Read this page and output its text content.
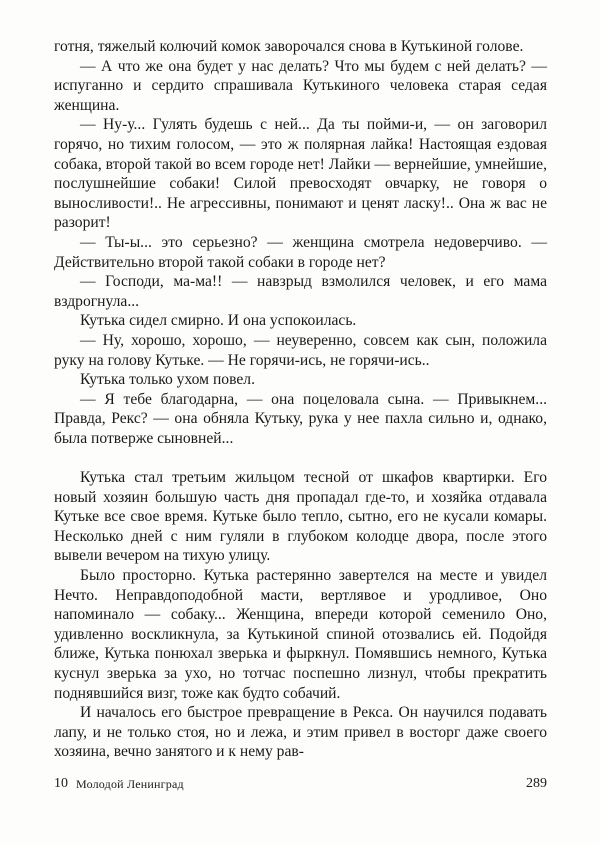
готня, тяжелый колючий комок заворочался снова в Кутькиной голове.

— А что же она будет у нас делать? Что мы будем с ней делать? — испуганно и сердито спрашивала Кутькиного человека старая седая женщина.

— Ну-у... Гулять будешь с ней... Да ты пойми-и, — он заговорил горячо, но тихим голосом, — это ж полярная лайка! Настоящая ездовая собака, второй такой во всем городе нет! Лайки — вернейшие, умнейшие, послушнейшие собаки! Силой превосходят овчарку, не говоря о выносливости!.. Не агрессивны, понимают и ценят ласку!.. Она ж вас не разорит!

— Ты-ы... это серьезно? — женщина смотрела недоверчиво. — Действительно второй такой собаки в городе нет?

— Господи, ма-ма!! — навзрыд взмолился человек, и его мама вздрогнула...

Кутька сидел смирно. И она успокоилась.

— Ну, хорошо, хорошо, — неуверенно, совсем как сын, положила руку на голову Кутьке. — Не горячи-ись, не горячи-ись..

Кутька только ухом повел.

— Я тебе благодарна, — она поцеловала сына. — Привыкнем... Правда, Рекс? — она обняла Кутьку, рука у нее пахла сильно и, однако, была потверже сыновней...

Кутька стал третьим жильцом тесной от шкафов квартирки. Его новый хозяин большую часть дня пропадал где-то, и хозяйка отдавала Кутьке все свое время. Кутьке было тепло, сытно, его не кусали комары. Несколько дней с ним гуляли в глубоком колодце двора, после этого вывели вечером на тихую улицу.

Было просторно. Кутька растерянно завертелся на месте и увидел Нечто. Неправдоподобной масти, вертлявое и уродливое, Оно напоминало — собаку... Женщина, впереди которой семенило Оно, удивленно воскликнула, за Кутькиной спиной отозвались ей. Подойдя ближе, Кутька понюхал зверька и фыркнул. Помявшись немного, Кутька куснул зверька за ухо, но тотчас поспешно лизнул, чтобы прекратить поднявшийся визг, тоже как будто собачий.

И началось его быстрое превращение в Рекса. Он научился подавать лапу, и не только стоя, но и лежа, и этим привел в восторг даже своего хозяина, вечно занятого и к нему рав-

10 Молодой Ленинград	289
